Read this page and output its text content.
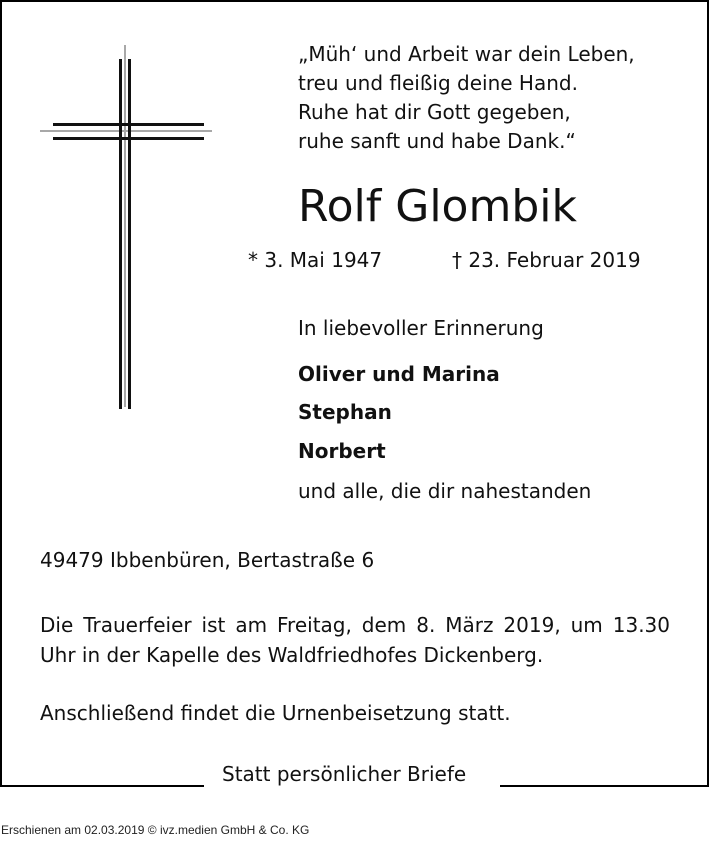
„Müh‘ und Arbeit war dein Leben,
treu und fleißig deine Hand.
Ruhe hat dir Gott gegeben,
ruhe sanft und habe Dank.“
Rolf Glombik
* 3. Mai 1947	† 23. Februar 2019
In liebevoller Erinnerung
Oliver und Marina
Stephan
Norbert
und alle, die dir nahestanden
49479 Ibbenbüren, Bertastraße 6
Die Trauerfeier ist am Freitag, dem 8. März 2019, um 13.30 Uhr in der Kapelle des Waldfriedhofes Dickenberg.
Anschließend findet die Urnenbeisetzung statt.
Statt persönlicher Briefe
Erschienen am 02.03.2019 © ivz.medien GmbH & Co. KG
